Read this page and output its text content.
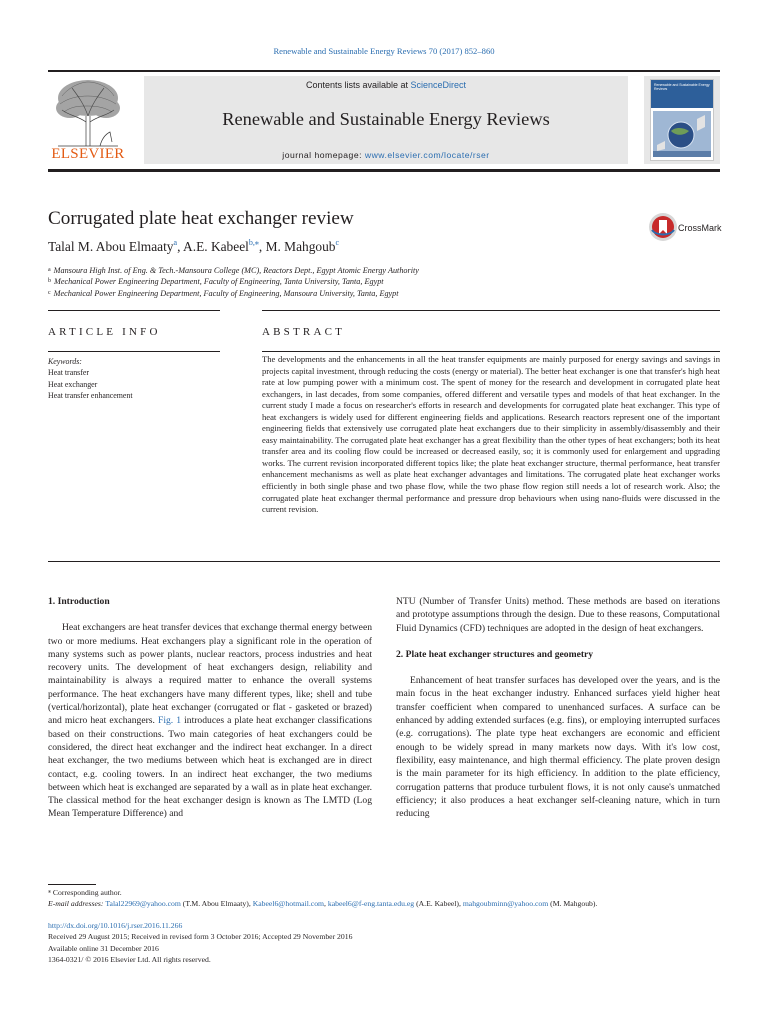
Renewable and Sustainable Energy Reviews 70 (2017) 852–860
ELSEVIER
Contents lists available at ScienceDirect
Renewable and Sustainable Energy Reviews
journal homepage: www.elsevier.com/locate/rser
Renewable and Sustainable Energy Reviews
Corrugated plate heat exchanger review	CrossMark
Talal M. Abou Elmaaty$^a$, A.E. Kabeel$^{b,⁎}$, M. Mahgoub$^c$
$^a$ Mansoura High Inst. of Eng. & Tech.-Mansoura College (MC), Reactors Dept., Egypt Atomic Energy Authority
$^b$ Mechanical Power Engineering Department, Faculty of Engineering, Tanta University, Tanta, Egypt
$^c$ Mechanical Power Engineering Department, Faculty of Engineering, Mansoura University, Tanta, Egypt
ARTICLE INFO	ABSTRACT
Keywords:
Heat transfer
Heat exchanger
Heat transfer enhancement
The developments and the enhancements in all the heat transfer equipments are mainly purposed for energy savings and savings in projects capital investment, through reducing the costs (energy or material). The better heat exchanger is one that transfer's high heat rate at low pumping power with a minimum cost. The spent of money for the research and development in corrugated plate heat exchangers, in last decades, from some companies, offered different and versatile types and models of that heat exchanger. In the current study I made a focus on researcher's efforts in research and developments for corrugated plate heat exchanger. This type of heat exchangers is widely used for different engineering fields and applications. Research reactors represent one of the important engineering fields that extensively use corrugated plate heat exchangers due to their simplicity in assembly/disassembly and their easy maintainability. The corrugated plate heat exchanger has a great flexibility than the other types of heat exchangers; both its heat transfer area and its cooling flow could be increased or decreased easily, so; it is commonly used for enlargement and upgrading works. The current revision incorporated different topics like; the plate heat exchanger structure, thermal performance, heat transfer enhancement mechanisms as well as plate heat exchanger advantages and limitations. The corrugated plate heat exchanger works efficiently in both single phase and two phase flow, while the two phase flow region still needs a lot of research work. Also; the corrugated plate heat exchanger thermal performance and pressure drop behaviours when using nano-fluids were discussed in the current revision.
1. Introduction

Heat exchangers are heat transfer devices that exchange thermal energy between two or more mediums. Heat exchangers play a significant role in the operation of many systems such as power plants, nuclear reactors, process industries and heat recovery units. The development of heat exchangers design, reliability and maintainability is always a required matter to enhance the overall systems performance. The heat exchangers have many different types, like; shell and tube (vertical/horizontal), plate heat exchanger (corrugated or flat - gasketed or brazed) and micro heat exchangers. Fig. 1 introduces a plate heat exchanger classifications based on their constructions. Two main categories of heat exchangers could be considered, the direct heat exchanger and the indirect heat exchanger. In a direct heat exchanger, the two mediums between which heat is exchanged are in direct contact, e.g. cooling towers. In an indirect heat exchanger, the two mediums between which heat is exchanged are separated by a wall as in plate heat exchanger. The classical method for the heat exchanger design is known as The LMTD (Log Mean Temperature Difference) and

NTU (Number of Transfer Units) method. These methods are based on iterations and prototype assumptions through the design. Due to these reasons, Computational Fluid Dynamics (CFD) techniques are adopted in the design of heat exchangers.

2. Plate heat exchanger structures and geometry

Enhancement of heat transfer surfaces has developed over the years, and is the main focus in the heat exchanger industry. Enhanced surfaces yield higher heat transfer coefficient when compared to unenhanced surfaces. A surface can be enhanced by adding extended surfaces (e.g. fins), or employing interrupted surfaces (e.g. corrugations). The plate type heat exchangers are economic and efficient enough to be widely spread in many markets now days. With it's low cost, flexibility, easy maintenance, and high thermal efficiency. The plate proven design is the main parameter for its high efficiency. In addition to the plate efficiency, corrugation patterns that produce turbulent flows, it is not only cause's unmatched efficiency; it also produces a heat exchanger self-cleaning nature, which in turn reducing

⁎ Corresponding author.
E-mail addresses: Talal22969@yahoo.com (T.M. Abou Elmaaty), Kabeel6@hotmail.com, kabeel6@f-eng.tanta.edu.eg (A.E. Kabeel), mahgoubminn@yahoo.com (M. Mahgoub).
http://dx.doi.org/10.1016/j.rser.2016.11.266
Received 29 August 2015; Received in revised form 3 October 2016; Accepted 29 November 2016
Available online 31 December 2016
1364-0321/ © 2016 Elsevier Ltd. All rights reserved.
